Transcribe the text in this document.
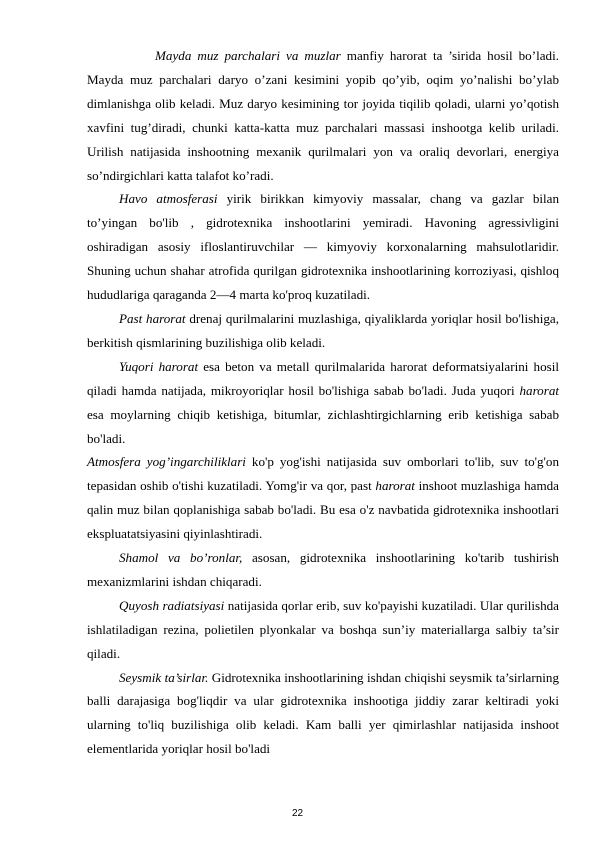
Mayda muz parchalari va muzlar manfiy harorat ta ’sirida hosil bo’ladi. Mayda muz parchalari daryo o’zani kesimini yopib qo’yib, oqim yo’nalishi bo’ylab dimlanishga olib keladi. Muz daryo kesimining tor joyida tiqilib qoladi, ularni yo’qotish xavfini tug’diradi, chunki katta-katta muz parchalari massasi inshootga kelib uriladi. Urilish natijasida inshootning mexanik qurilmalari yon va oraliq devorlari, energiya so’ndirgichlari katta talafot ko’radi.

Havo atmosferasi yirik birikkan kimyoviy massalar, chang va gazlar bilan to’yingan bo'lib , gidrotexnika inshootlarini yemiradi. Havoning agressivligini oshiradigan asosiy ifloslantiruvchilar — kimyoviy korxonalarning mahsulotlaridir. Shuning uchun shahar atrofida qurilgan gidrotexnika inshootlarining korroziyasi, qishloq hududlariga qaraganda 2—4 marta ko'proq kuzatiladi.

Past harorat drenaj qurilmalarini muzlashiga, qiyaliklarda yoriqlar hosil bo'lishiga, berkitish qismlarining buzilishiga olib keladi.

Yuqori harorat esa beton va metall qurilmalarida harorat deformatsiyalarini hosil qiladi hamda natijada, mikroyoriqlar hosil bo'lishiga sabab bo'ladi. Juda yuqori harorat esa moylarning chiqib ketishiga, bitumlar, zichlashtirgichlarning erib ketishiga sabab bo'ladi.

Atmosfera yog’ingarchiliklari ko'p yog'ishi natijasida suv omborlari to'lib, suv to'g'on tepasidan oshib o'tishi kuzatiladi. Yomg'ir va qor, past harorat inshoot muzlashiga hamda qalin muz bilan qoplanishiga sabab bo'ladi. Bu esa o'z navbatida gidrotexnika inshootlari ekspluatatsiyasini qiyinlashtiradi.

Shamol va bo’ronlar, asosan, gidrotexnika inshootlarining ko'tarib tushirish mexanizmlarini ishdan chiqaradi.

Quyosh radiatsiyasi natijasida qorlar erib, suv ko'payishi kuzatiladi. Ular qurilishda ishlatiladigan rezina, polietilen plyonkalar va boshqa sun’iy materiallarga salbiy ta’sir qiladi.

Seysmik ta’sirlar. Gidrotexnika inshootlarining ishdan chiqishi seysmik ta’sirlarning balli darajasiga bog'liqdir va ular gidrotexnika inshootiga jiddiy zarar keltiradi yoki ularning to'liq buzilishiga olib keladi. Kam balli yer qimirlashlar natijasida inshoot elementlarida yoriqlar hosil bo'ladi

22
